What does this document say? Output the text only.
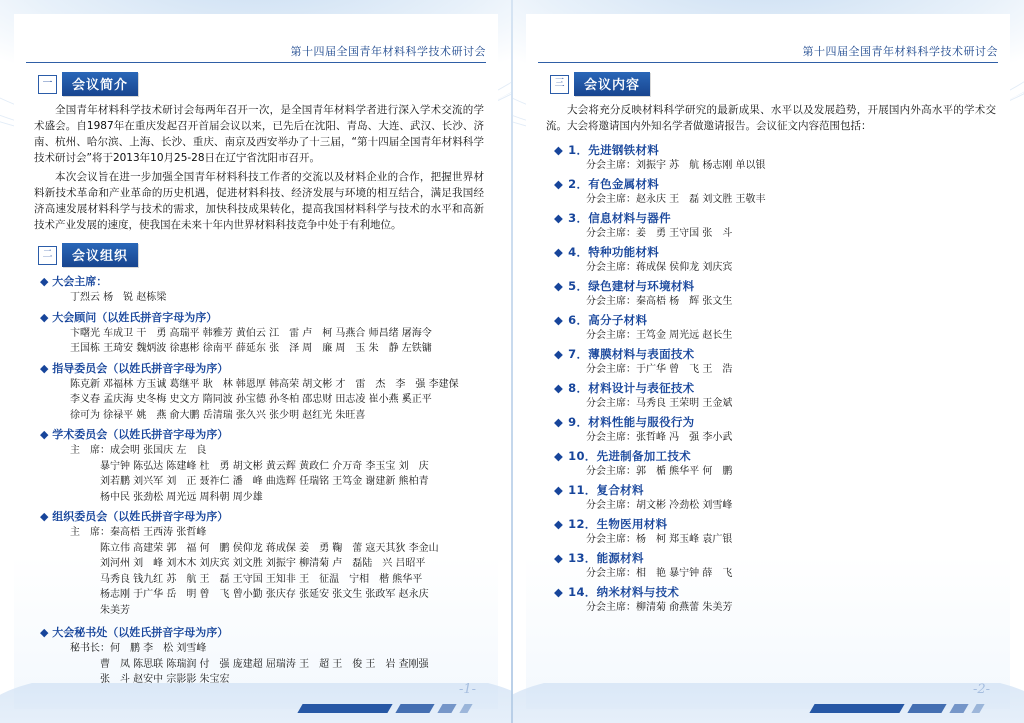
第十四届全国青年材料科学技术研讨会
一	会议简介

全国青年材料科学技术研讨会每两年召开一次，是全国青年材料学者进行深入学术交流的学术盛会。自1987年在重庆发起召开首届会议以来，已先后在沈阳、青岛、大连、武汉、长沙、济南、杭州、哈尔滨、上海、长沙、重庆、南京及西安举办了十三届，“第十四届全国青年材料科学技术研讨会”将于2013年10月25-28日在辽宁省沈阳市召开。

本次会议旨在进一步加强全国青年材料科技工作者的交流以及材料企业的合作，把握世界材料新技术革命和产业革命的历史机遇，促进材料科技、经济发展与环境的相互结合，满足我国经济高速发展材料科学与技术的需求，加快科技成果转化，提高我国材料科学与技术的水平和高新技术产业发展的速度，使我国在未来十年内世界材料科技竞争中处于有利地位。

二	会议组织
◆ 大会主席：
丁烈云 杨　锐 赵栋梁
◆ 大会顾问（以姓氏拼音字母为序）
卞曙光 车成卫 干　勇 高瑞平 韩雅芳 黄伯云 江　雷 卢　柯 马燕合 师昌绪 屠海令
王国栋 王琦安 魏炳波 徐惠彬 徐南平 薛延东 张　泽 周　廉 周　玉 朱　静 左铁镛
◆ 指导委员会（以姓氏拼音字母为序）
陈克新 邓福林 方玉诚 葛继平 耿　林 韩恩厚 韩高荣 胡文彬 才　雷　杰　李　强 李建保
李义春 孟庆海 史冬梅 史文方 隋同波 孙宝德 孙冬柏 邵忠财 田志凌 崔小燕 奚正平
徐可为 徐禄平 姚　燕 俞大鹏 岳清瑞 张久兴 张少明 赵红光 朱旺喜
◆ 学术委员会（以姓氏拼音字母为序）
主　席：成会明 张国庆 左　良
暴宁钟 陈弘达 陈建峰 杜　勇 胡文彬 黄云辉 黄政仁 介万奇 李玉宝 刘　庆
刘若鹏 刘兴军 刘　正 聂祚仁 潘　峰 曲选辉 任瑞铭 王笃金 谢建新 熊柏青
杨中民 张劲松 周光远 周科朝 周少雄
◆ 组织委员会（以姓氏拼音字母为序）
主　席：秦高梧 王西涛 张哲峰
陈立伟 高建荣 郭　福 何　鹏 侯仰龙 蒋成保 姜　勇 鞠　蕾 寇天其狄 李金山
刘河州 刘　峰 刘木木 刘庆宾 刘文胜 刘振宇 柳清菊 卢　磊陆　兴 吕昭平
马秀良 钱九红 苏　航 王　磊 王守国 王知非 王　征温　宁相　楷 熊华平
杨志刚 于广华 岳　明 曾　飞 曾小勤 张庆存 张延安 张文生 张政军 赵永庆
朱美芳
◆ 大会秘书处（以姓氏拼音字母为序）
秘书长：何　鹏 李　松 刘雪峰
曹　凤 陈思联 陈瑞润 付　强 庞建超 屈瑞涛 王　超 王　俊 王　岩 查刚强
张　斗 赵安中 宗影影 朱宝宏
第十四届全国青年材料科学技术研讨会
三	会议内容

大会将充分反映材料科学研究的最新成果、水平以及发展趋势，开展国内外高水平的学术交流。大会将邀请国内外知名学者做邀请报告。会议征文内容范围包括：

◆ 1．先进钢铁材料
分会主席：刘振宇 苏　航 杨志刚 单以银
◆ 2．有色金属材料
分会主席：赵永庆 王　磊 刘文胜 王敬丰
◆ 3．信息材料与器件
分会主席：姜　勇 王守国 张　斗
◆ 4．特种功能材料
分会主席：蒋成保 侯仰龙 刘庆宾
◆ 5．绿色建材与环境材料
分会主席：秦高梧 杨　辉 张文生
◆ 6．高分子材料
分会主席：王笃金 周光远 赵长生
◆ 7．薄膜材料与表面技术
分会主席：于广华 曾　飞 王　浩
◆ 8．材料设计与表征技术
分会主席：马秀良 王荣明 王金斌
◆ 9．材料性能与服役行为
分会主席：张哲峰 冯　强 李小武
◆ 10．先进制备加工技术
分会主席：郭　楯 熊华平 何　鹏
◆ 11．复合材料
分会主席：胡文彬 冷劲松 刘雪峰
◆ 12．生物医用材料
分会主席：杨　柯 郑玉峰 袁广银
◆ 13．能源材料
分会主席：相　艳 暴宁钟 薛　飞
◆ 14．纳米材料与技术
分会主席：柳清菊 俞燕蕾 朱美芳
